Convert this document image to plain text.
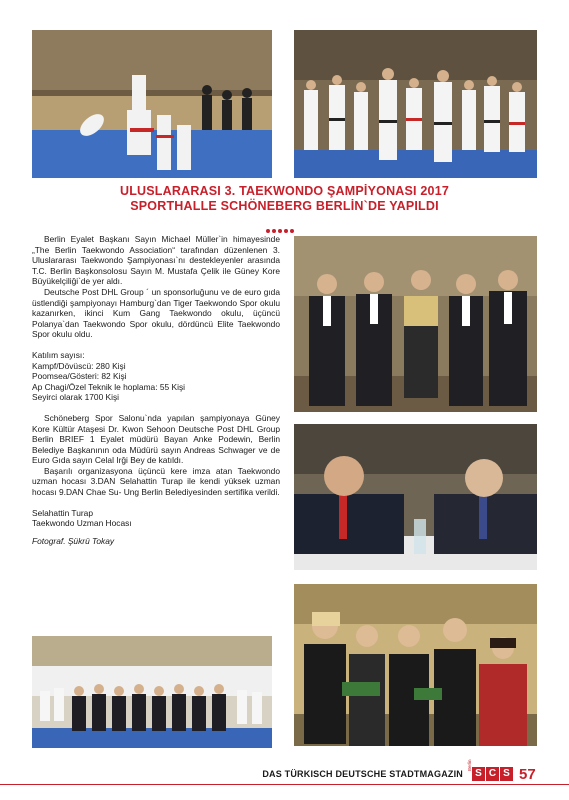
ULUSLARARASI 3. TAEKWONDO ŞAMPİYONASI 2017
SPORTHALLE SCHÖNEBERG BERLİN`DE YAPILDI

Berlin Eyalet Başkanı Sayın Michael Müller`in himayesinde „The Berlin Taekwondo Association“ tarafından düzenlenen 3. Uluslararası Taekwondo Şampiyonası`nı destekleyenler arasında T.C. Berlin Başkonsolosu Sayın M. Mustafa Çelik ile Güney Kore Büyükelçiliği`de yer aldı.

Deutsche Post DHL Group ´ un sponsorluğunu ve de euro gıda üstlendiği şampiyonayı Hamburg`dan Tiger Taekwondo Spor okulu kazanırken, ikinci Kum Gang Taekwondo okulu, üçüncü Polanya`dan Taekwondo Spor okulu, dördüncü Elite Taekwondo Spor okulu oldu.

Katılım sayısı:

Kampf/Dövüscü: 280 Kişi

Poomsea/Gösteri: 82 Kişi

Ap Chagi/Özel Teknik le hoplama: 55 Kişi

Seyirci olarak 1700 Kişi

Schöneberg Spor Salonu`nda yapılan şampiyonaya Güney Kore Kültür Ataşesi Dr. Kwon Sehoon Deutsche Post DHL Group Berlin BRIEF 1 Eyalet müdürü Bayan Anke Podewin, Berlin Belediye Başkanının oda Müdürü sayın Andreas Schwager ve de Euro Gıda sayın Celal Irği Bey de katıldı.

Başarılı organizasyona üçüncü kere imza atan Taekwondo uzman hocası 3.DAN Selahattin Turap ile kendi yüksek uzman hocası 9.DAN Chae Su- Ung Berlin Belediyesinden sertifika verildi.

Selahattin Turap

Taekwondo Uzman Hocası

Fotograf. Şükrü Tokay

DAS TÜRKISCH DEUTSCHE STADTMAGAZIN
Berlin
S C S 57
